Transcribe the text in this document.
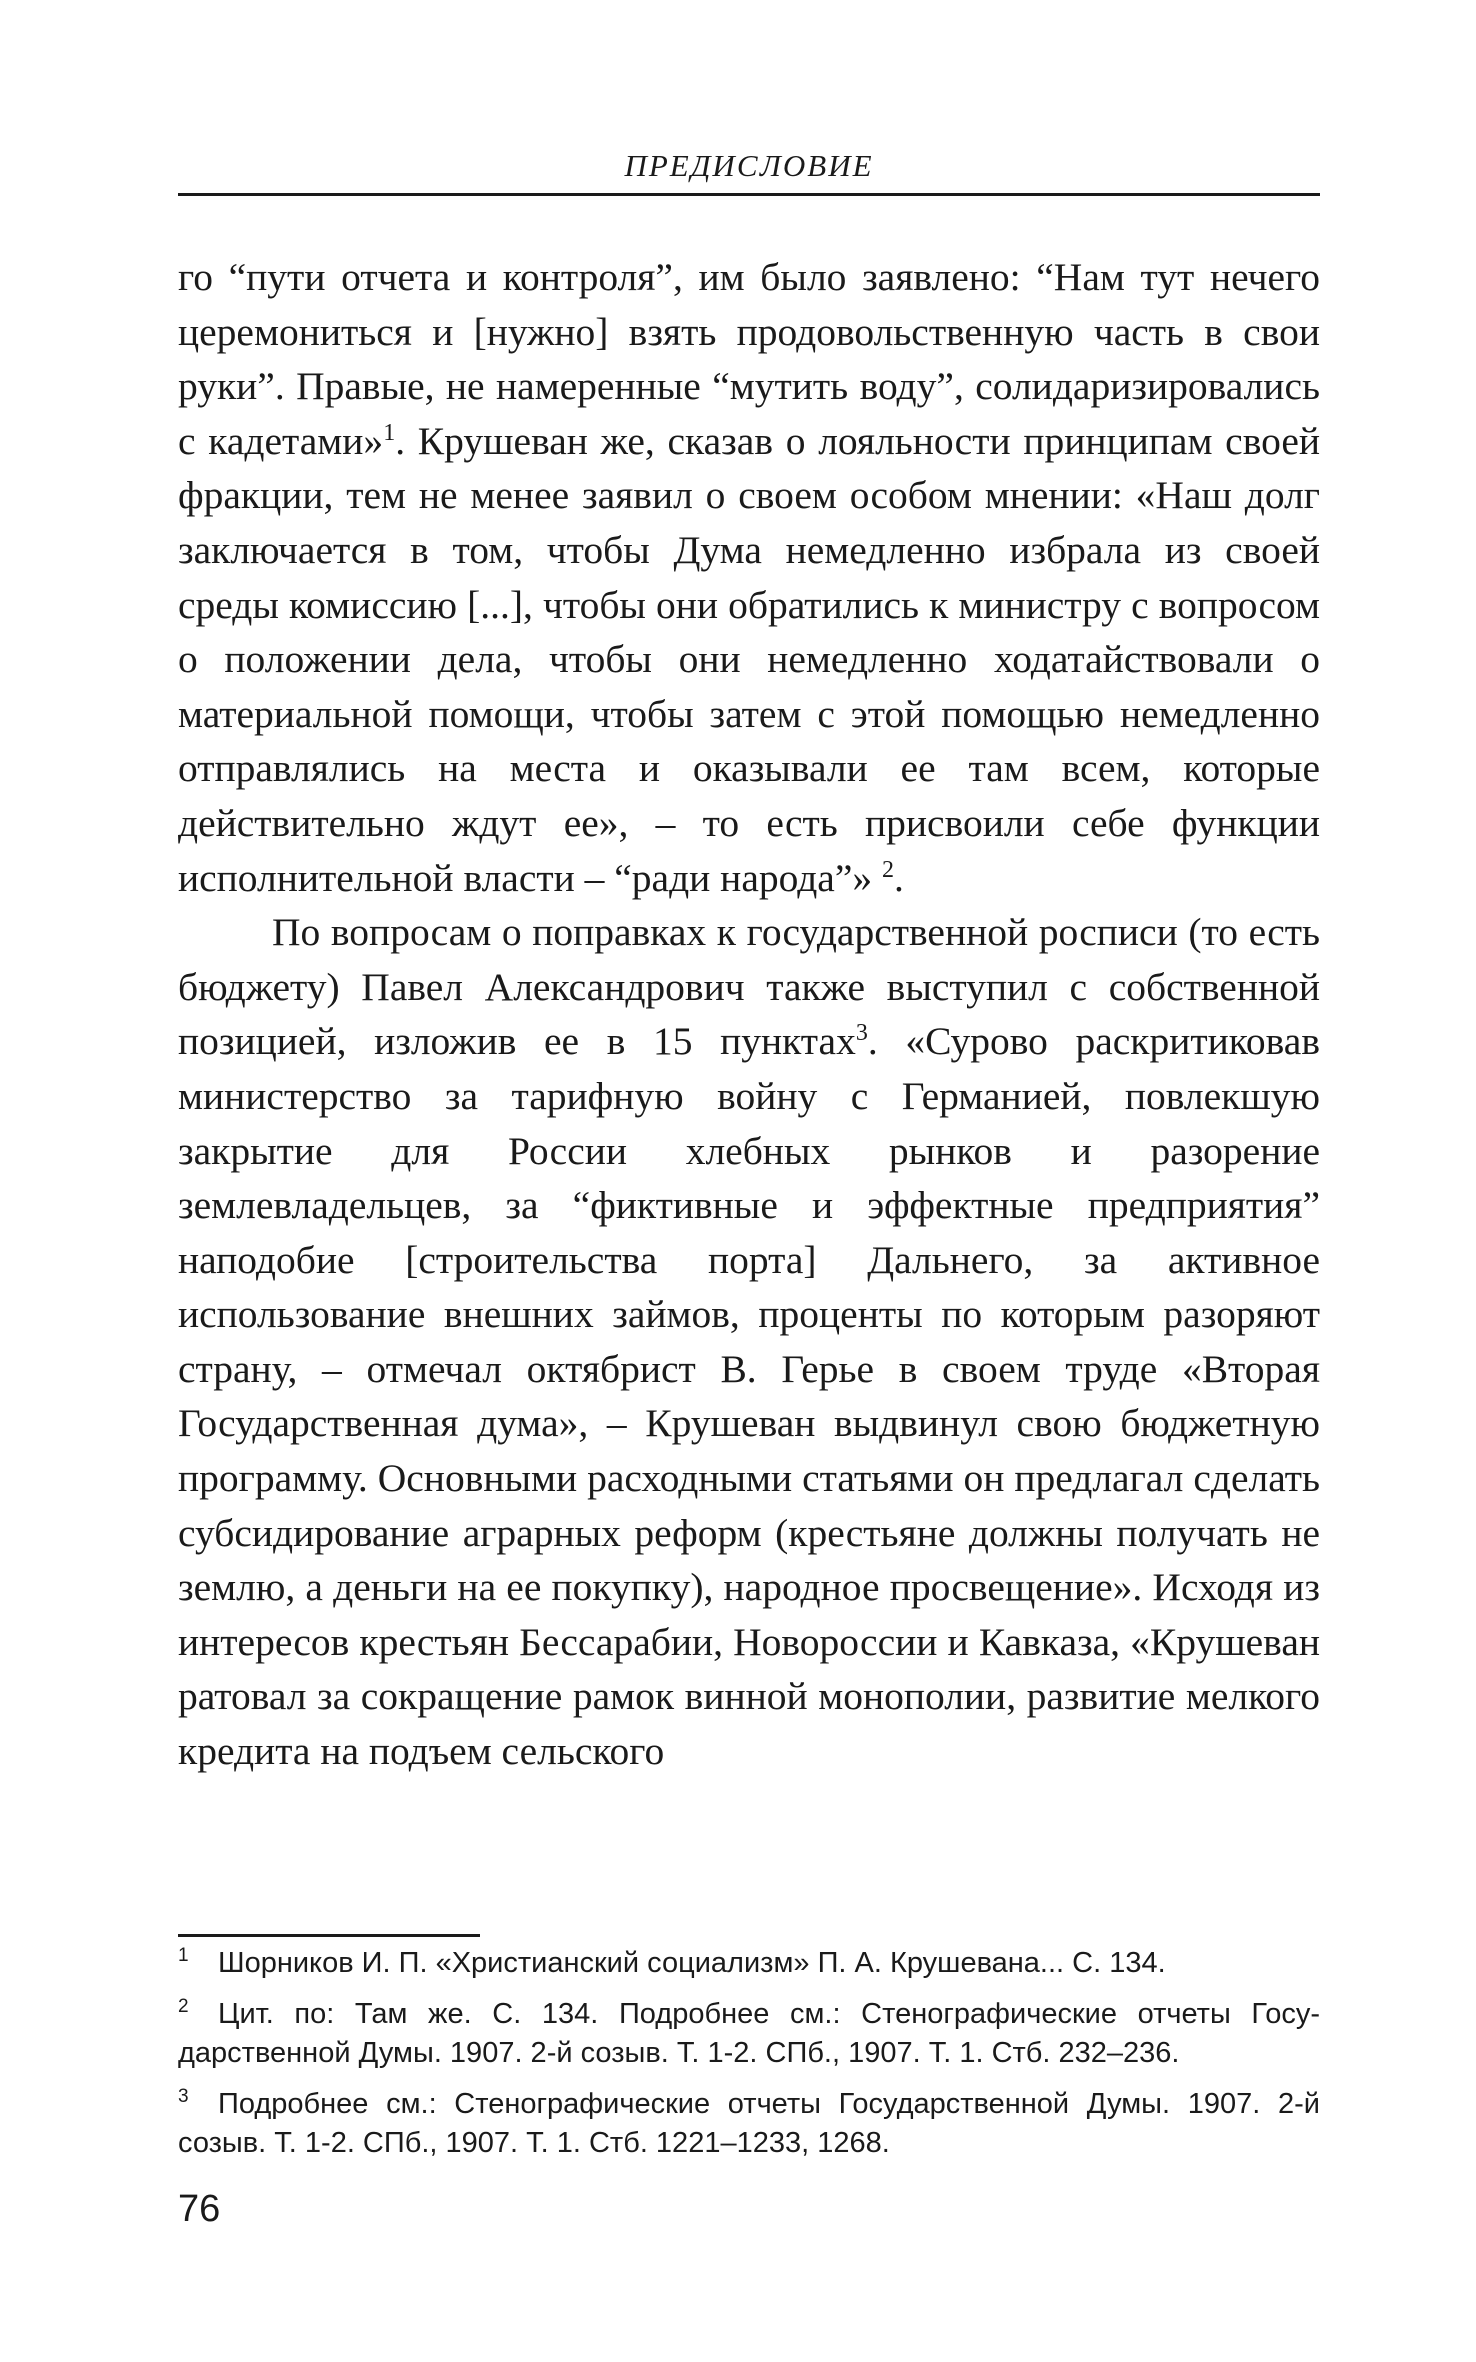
ПРЕДИСЛОВИЕ

го “пути отчета и контроля”, им было заявлено: “Нам тут нечего церемониться и [нужно] взять продовольственную часть в свои руки”. Правые, не намеренные “мутить воду”, солидаризировались с кадетами»$^1$. Крушеван же, сказав о лояльности принципам своей фракции, тем не менее заявил о своем особом мнении: «Наш долг заключается в том, чтобы Дума немедленно избрала из своей среды комиссию [...], чтобы они обратились к министру с вопросом о положении дела, чтобы они немедленно ходатайствовали о материальной помощи, чтобы затем с этой помощью немедленно отправлялись на места и оказывали ее там всем, которые действительно ждут ее», – то есть присвоили себе функции исполнительной власти – “ради народа”» $^2$.

По вопросам о поправках к государственной росписи (то есть бюджету) Павел Александрович также выступил с собственной позицией, изложив ее в 15 пунктах$^3$. «Сурово раскритиковав министерство за тарифную войну с Германией, повлекшую закрытие для России хлебных рынков и разорение землевладельцев, за “фиктивные и эффектные предприятия” наподобие [строительства порта] Дальнего, за активное использование внешних займов, проценты по которым разоряют страну, – отмечал октябрист В. Герье в своем труде «Вторая Государственная дума», – Крушеван выдвинул свою бюджетную программу. Основными расходными статьями он предлагал сделать субсидирование аграрных реформ (крестьяне должны получать не землю, а деньги на ее покупку), народное просвещение». Исходя из интересов крестьян Бессарабии, Новороссии и Кавказа, «Крушеван ратовал за сокращение рамок винной монополии, развитие мелкого кредита на подъем сельского

1 Шорников И. П. «Христианский социализм» П. А. Крушевана... С. 134.

2 Цит. по: Там же. С. 134. Подробнее см.: Стенографические отчеты Государственной Думы. 1907. 2-й созыв. Т. 1-2. СПб., 1907. Т. 1. Стб. 232–236.

3 Подробнее см.: Стенографические отчеты Государственной Думы. 1907. 2-й созыв. Т. 1-2. СПб., 1907. Т. 1. Стб. 1221–1233, 1268.

76
